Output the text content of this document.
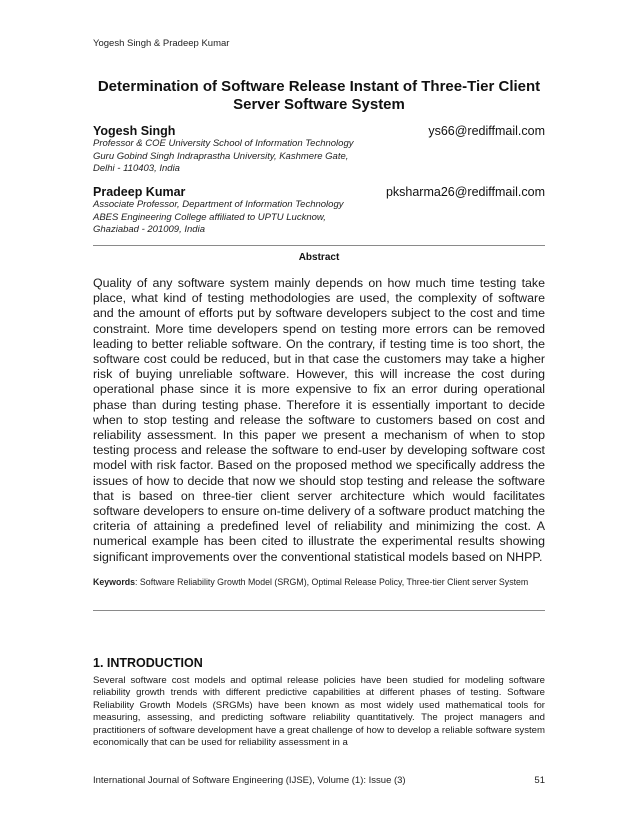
Yogesh Singh & Pradeep Kumar
Determination of Software Release Instant of Three-Tier Client Server Software System
Yogesh Singh	ys66@rediffmail.com
Professor & COE University School of Information Technology
Guru Gobind Singh Indraprastha University, Kashmere Gate,
Delhi - 110403, India
Pradeep Kumar	pksharma26@rediffmail.com
Associate Professor, Department of Information Technology
ABES Engineering College affiliated to UPTU Lucknow,
Ghaziabad - 201009, India
Abstract
Quality of any software system mainly depends on how much time testing take place, what kind of testing methodologies are used, the complexity of software and the amount of efforts put by software developers subject to the cost and time constraint. More time developers spend on testing more errors can be removed leading to better reliable software. On the contrary, if testing time is too short, the software cost could be reduced, but in that case the customers may take a higher risk of buying unreliable software. However, this will increase the cost during operational phase since it is more expensive to fix an error during operational phase than during testing phase. Therefore it is essentially important to decide when to stop testing and release the software to customers based on cost and reliability assessment. In this paper we present a mechanism of when to stop testing process and release the software to end-user by developing software cost model with risk factor. Based on the proposed method we specifically address the issues of how to decide that now we should stop testing and release the software that is based on three-tier client server architecture which would facilitates software developers to ensure on-time delivery of a software product matching the criteria of attaining a predefined level of reliability and minimizing the cost. A numerical example has been cited to illustrate the experimental results showing significant improvements over the conventional statistical models based on NHPP.
Keywords: Software Reliability Growth Model (SRGM), Optimal Release Policy, Three-tier Client server System
1. INTRODUCTION
Several software cost models and optimal release policies have been studied for modeling software reliability growth trends with different predictive capabilities at different phases of testing. Software Reliability Growth Models (SRGMs) have been known as most widely used mathematical tools for measuring, assessing, and predicting software reliability quantitatively. The project managers and practitioners of software development have a great challenge of how to develop a reliable software system economically that can be used for reliability assessment in a
International Journal of Software Engineering (IJSE), Volume (1): Issue (3)	51
